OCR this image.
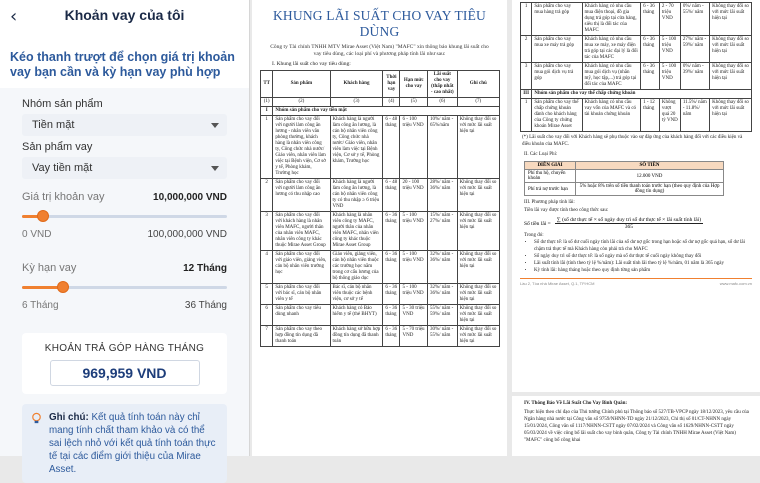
‹	Khoản vay của tôi
Kéo thanh trượt để chọn giá trị khoản vay bạn cần và kỳ hạn vay phù hợp
Nhóm sản phẩm
Tiền mặt
Sản phẩm vay
Vay tiền mặt
Giá trị khoản vay	10,000,000 VND
0 VND	100,000,000 VND
Kỳ hạn vay	12 Tháng
6 Tháng	36 Tháng
KHOẢN TRẢ GÓP HÀNG THÁNG
969,959 VND
Ghi chú: Kết quả tính toán này chỉ mang tính chất tham khảo và có thể sai lệch nhỏ với kết quả tính toán thực tế tại các điểm giới thiệu của Mirae Asset.
KHUNG LÃI SUẤT CHO VAY TIÊU DÙNG
Công ty Tài chính TNHH MTV Mirae Asset (Việt Nam) "MAFC" xin thông báo khung lãi suất cho vay tiêu dùng, các loại phí và phương pháp tính lãi như sau:
I. Khung lãi suất cho vay tiêu dùng:
TT	Sản phẩm	Khách hàng	Thời hạn vay	Hạn mức cho vay	Lãi suất cho vay (thấp nhất - cao nhất)	Ghi chú
(1)	(2)	(3)	(4)	(5)	(6)	(7)
I	Nhóm sản phẩm cho vay tiền mặt					
1	Sản phẩm cho vay đối với người làm công ăn lương - nhân viên văn phòng thường, khách hàng là nhân viên công ty, Công chức nhà nước/ Giáo viên, nhân viên làm việc tại Bệnh viện, Cơ sở y tế, Phòng khám, Trường học	Khách hàng là người làm công ăn lương, là cán bộ nhân viên công ty, Công chức nhà nước/ Giáo viên, nhân viên làm việc tại Bệnh viện, Cơ sở y tế, Phòng khám, Trường học	6 - 48 tháng	6 - 100 triệu VND	10%/ năm - 65%/năm	Không thay đổi so với mức lãi suất hiện tại
2	Sản phẩm cho vay đối với người làm công ăn lương có thu nhập cao	Khách hàng là người làm công ăn lương, là cán bộ nhân viên công ty có thu nhập ≥ 6 triệu VND	6 - 48 tháng	20 - 100 triệu VND	28%/ năm - 36%/ năm	Không thay đổi so với mức lãi suất hiện tại
3	Sản phẩm cho vay đối với khách hàng là nhân viên MAFC, người thân của nhân viên MAFC, nhân viên công ty khác thuộc Mirae Asset Group	Khách hàng là nhân viên công ty MAFC, người thân của nhân viên MAFC, nhân viên công ty khác thuộc Mirae Asset Group	6 - 36 tháng	5 - 100 triệu VND	15%/ năm - 27%/ năm	Không thay đổi so với mức lãi suất hiện tại
4	Sản phẩm cho vay đối với giáo viên, giảng viên, cán bộ nhân viên trường học	Giáo viên, giảng viên, cán bộ nhân viên thuộc các trường học nằm trong cơ cấu lương của bộ thông giáo dục	6 - 36 tháng	5 - 100 triệu VND	32%/ năm - 36%/ năm	Không thay đổi so với mức lãi suất hiện tại
5	Sản phẩm cho vay đối với bác sĩ, cán bộ nhân viên y tế	Bác sĩ, cán bộ nhân viên thuộc các bệnh viện, cơ sở y tế	6 - 36 tháng	5 - 100 triệu VND	32%/ năm - 36%/ năm	Không thay đổi so với mức lãi suất hiện tại
6	Sản phẩm cho vay tiêu dùng nhanh	Khách hàng có Bảo hiểm y tế (thẻ BHYT)	6 - 36 tháng	5 - 30 triệu VND	55%/ năm - 59%/ năm	Không thay đổi so với mức lãi suất hiện tại
7	Sản phẩm cho vay theo hợp đồng tín dụng đã thanh toán	Khách hàng sở hữu hợp đồng tín dụng đã thanh toán	6 - 36 tháng	5 - 70 triệu VND	30%/ năm - 55%/ năm	Không thay đổi so với mức lãi suất hiện tại
1	Sản phẩm cho vay mua hàng trả góp	Khách hàng có nhu cầu mua điện thoại, đồ gia dụng trả góp tại cửa hàng, siêu thị là đối tác của MAFC	6 - 36 tháng	2 - 70 triệu VND	0%/ năm - 55%/ năm	Không thay đổi so với mức lãi suất hiện tại
2	Sản phẩm cho vay mua xe máy trả góp	Khách hàng có nhu cầu mua xe máy, xe máy điện trả góp tại các đại lý là đối tác của MAFC	6 - 36 tháng	5 - 100 triệu VND	27%/ năm - 59%/ năm	Không thay đổi so với mức lãi suất hiện tại
3	Sản phẩm cho vay mua gói dịch vụ trả góp	Khách hàng có nhu cầu mua gói dịch vụ (nhãn mỹ, học tập,...) trả góp tại đối tác của MAFC	6 - 36 tháng	5 - 100 triệu VND	0%/ năm - 39%/ năm	Không thay đổi so với mức lãi suất hiện tại
III	Nhóm sản phẩm cho vay thế chấp chứng khoán					
1	Sản phẩm cho vay thế chấp chứng khoán dành cho khách hàng của Công ty chứng khoán Mirae Asset	Khách hàng có nhu cầu vay vốn của MAFC và có tài khoản chứng khoán	1 - 12 tháng	Không vượt quá 20 tỷ VND	11.5%/ năm - 11.8%/ năm	Không thay đổi so với mức lãi suất hiện tại
(*) Lãi suất cho vay đối với Khách hàng sẽ phụ thuộc vào sự đáp ứng của khách hàng đối với các điều kiện và điều khoản của MAFC.
II. Các Loại Phí:
DIỄN GIẢI	SỐ TIỀN
Phí thu hộ, chuyển khoản	12.000 VND
Phí trả nợ trước hạn	5% hoặc 8% trên số tiền thanh toán trước hạn (theo quy định của Hợp đồng tín dụng)
III. Phương pháp tính lãi:
Tiền lãi vay được tính theo công thức sau:
Số tiền lãi =
∑ (số dư thực tế × số ngày duy trì số dư thực tế × lãi suất tính lãi)
365
Trong đó:
• Số dư thực tế: là số dư cuối ngày tính lãi của số dư nợ gốc trong hạn hoặc số dư nợ gốc quá hạn, số dư lãi chậm trả thực tế mà Khách hàng còn phải trả cho MAFC
• Số ngày duy trì số dư thực tế: là số ngày mà số dư thực tế cuối ngày không thay đổi
• Lãi suất tính lãi (tính theo tỷ lệ %/năm): Lãi suất tính lãi theo tỷ lệ %/năm, 01 năm là 365 ngày
• Kỳ tính lãi: hàng tháng hoặc theo quy định từng sản phẩm
Lầu 2, Tòa nhà Mirae Asset, Q.1, TP.HCM	www.mafc.com.vn
IV. Thông Báo Về Lãi Suất Cho Vay Bình Quân:
Thực hiện theo chỉ đạo của Thủ tướng Chính phủ tại Thông báo số 527/TB-VPCP ngày 18/12/2023, yêu cầu của Ngân hàng nhà nước tại Công văn số 9759/NHNN-TD ngày 21/12/2023, Chỉ thị số 01/CT-NHNN ngày 15/01/2024, Công văn số 1117/NHNN-CSTT ngày 07/02/2024 và Công văn số 1629/NHNN-CSTT ngày 05/03/2024 về việc công bố lãi suất cho vay bình quân, Công ty Tài chính TNHH Mirae Asset (Việt Nam) "MAFC" công bố công khai
